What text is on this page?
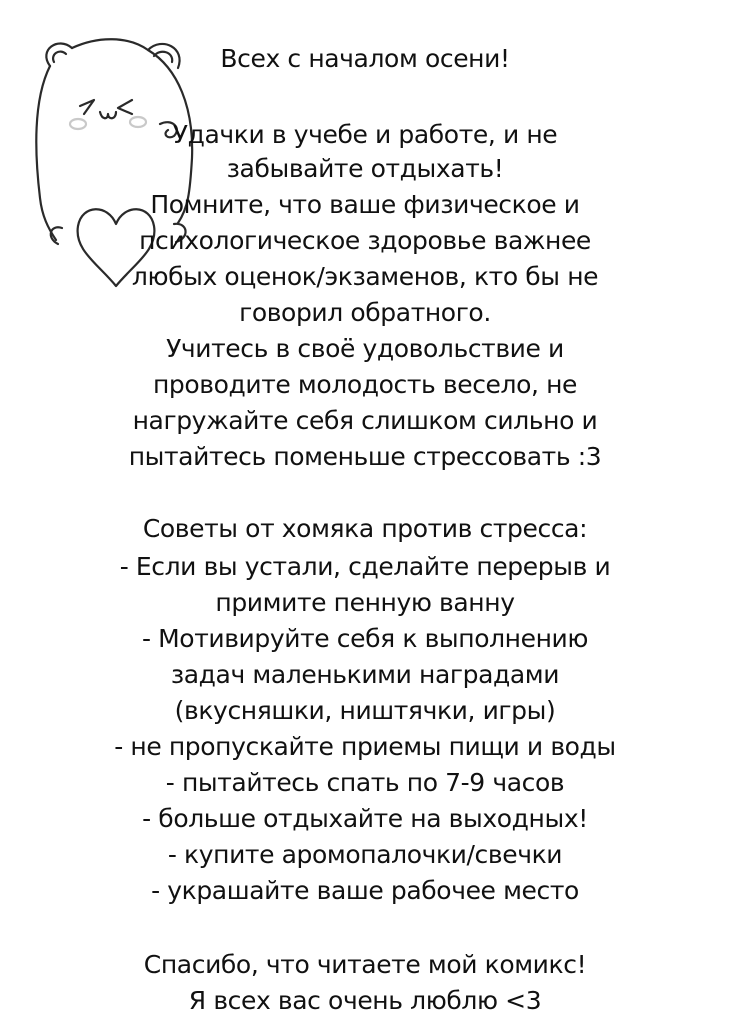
Всех с началом осени!
Удачки в учебе и работе, и не
забывайте отдыхать!
Помните, что ваше физическое и
психологическое здоровье важнее
любых оценок/экзаменов, кто бы не
говорил обратного.
Учитесь в своё удовольствие и
проводите молодость весело, не
нагружайте себя слишком сильно и
пытайтесь поменьше стрессовать :3
Советы от хомяка против стресса:
- Если вы устали, сделайте перерыв и
примите пенную ванну
- Мотивируйте себя к выполнению
задач маленькими наградами
(вкусняшки, ништячки, игры)
- не пропускайте приемы пищи и воды
- пытайтесь спать по 7-9 часов
- больше отдыхайте на выходных!
- купите аромопалочки/свечки
- украшайте ваше рабочее место
Спасибо, что читаете мой комикс!
Я всех вас очень люблю <3
